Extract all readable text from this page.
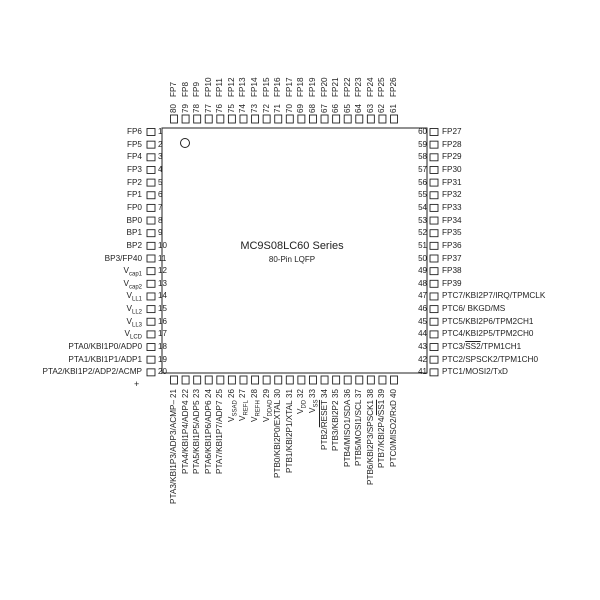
1
FP6
2
FP5
3
FP4
4
FP3
5
FP2
6
FP1
7
FP0
8
BP0
9
BP1
10
BP2
11
BP3/FP40
12
$V_{cap1}$
13
$V_{cap2}$
14
$V_{LL1}$
15
$V_{LL2}$
16
$V_{LL3}$
17
$V_{LCD}$
18
PTA0/KBI1P0/ADP0
19
PTA1/KBI1P1/ADP1
20
PTA2/KBI1P2/ADP2/ACMP
21
PTA3/KBI1P3/ADP3/ACMP–
22
PTA4/KBI1P4/ADP4
23
PTA5/KBI1P5/ADP5
24
PTA6/KBI1P6/ADP6
25
PTA7/KBI1P7/ADP7
26
$V_{SSAD}$
27
$V_{REFL}$
28
$V_{REFH}$
29
$V_{DDAD}$
30
PTB0/KBI2P0/EXTAL
31
PTB1/KBI2P1/XTAL
32
$V_{DD}$
33
$V_{SS}$
34
PTB2/RESET
35
PTB3/KBI2P2
36
PTB4/MISO1/SDA
37
PTB5/MOSI1/SCL
38
PTB6/KBI2P3/SPSCK1
39
PTB7/KBI2P4/SS1
40
PTC0/MISO2/RxD
41 PTC1/MOSI2/TxD
42 PTC2/SPSCK2/TPM1CH0
43 PTC3/SS2/TPM1CH1
44 PTC4/KBI2P5/TPM2CH0
45 PTC5/KBI2P6/TPM2CH1
46 PTC6/ BKGD/MS
47 PTC7/KBI2P7/IRQ/TPMCLK
48 FP39
49 FP38
50 FP37
51 FP36
52 FP35
53 FP34
54 FP33
55 FP32
56 FP31
57 FP30
58 FP29
59 FP28
60 FP27
61
FP26
62
FP25
63
FP24
64
FP23
65
FP22
66
FP21
67
FP20
68
FP19
69
FP18
70
FP17
71
FP16
72
FP15
73
FP14
74
FP13
75
FP12
76
FP11
77
FP10
78
FP9
79
FP8
80
FP7
MC9S08LC60 Series
80-Pin LQFP
+
